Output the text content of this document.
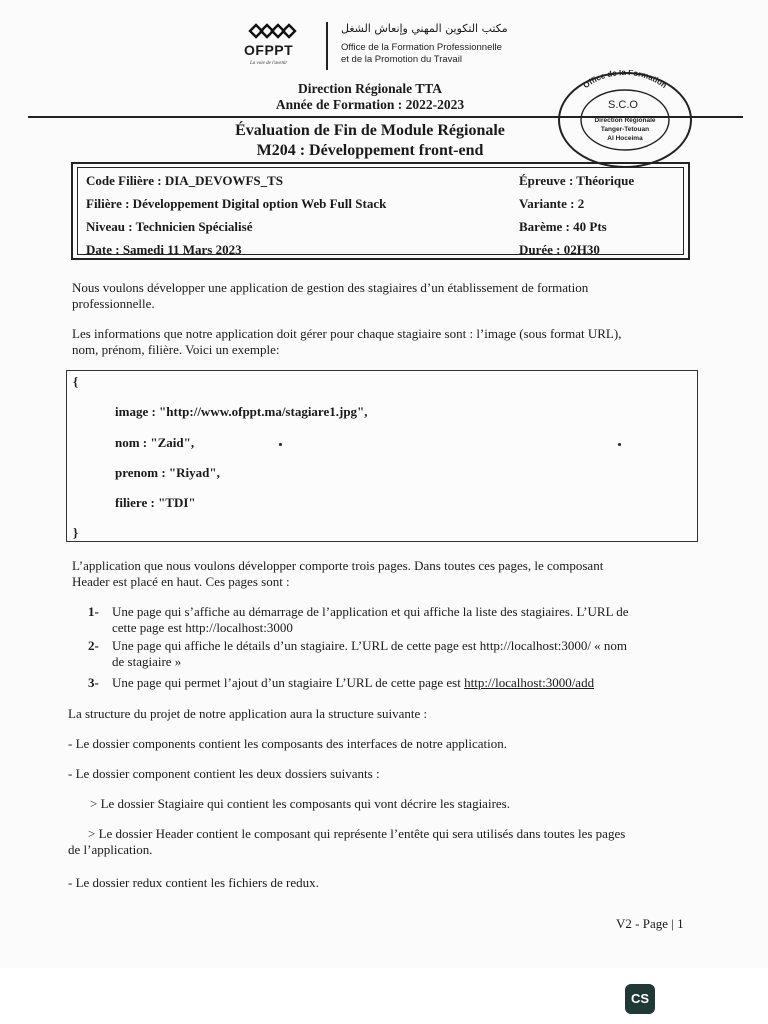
OFPPT
La voie de l'avenir
مكتب التكوين المهني وإنعاش الشغل
Office de la Formation Professionnelle
et de la Promotion du Travail
Direction Régionale TTA
Année de Formation : 2022-2023
Évaluation de Fin de Module Régionale
M204 : Développement front-end
Office de la Formation
S.C.O
Direction Régionale
Tanger-Tetouan
Al Hoceima
Code Filière : DIA_DEVOWFS_TS
Filière : Développement Digital option Web Full Stack
Niveau : Technicien Spécialisé
Date : Samedi 11 Mars 2023
Épreuve : Théorique
Variante : 2
Barème : 40 Pts
Durée : 02H30
Nous voulons développer une application de gestion des stagiaires d’un établissement de formation
professionnelle.
Les informations que notre application doit gérer pour chaque stagiaire sont : l’image (sous format URL),
nom, prénom, filière. Voici un exemple:
{
image : "http://www.ofppt.ma/stagiare1.jpg",
nom : "Zaid",
prenom : "Riyad",
filiere : "TDI"
}
L’application que nous voulons développer comporte trois pages. Dans toutes ces pages, le composant
Header est placé en haut. Ces pages sont :
1- Une page qui s’affiche au démarrage de l’application et qui affiche la liste des stagiaires. L’URL de
cette page est http://localhost:3000
2- Une page qui affiche le détails d’un stagiaire. L’URL de cette page est http://localhost:3000/ « nom
de stagiaire »
3- Une page qui permet l’ajout d’un stagiaire L’URL de cette page est http://localhost:3000/add
La structure du projet de notre application aura la structure suivante :
- Le dossier components contient les composants des interfaces de notre application.
- Le dossier component contient les deux dossiers suivants :
> Le dossier Stagiaire qui contient les composants qui vont décrire les stagiaires.
> Le dossier Header contient le composant qui représente l’entête qui sera utilisés dans toutes les pages
de l’application.
- Le dossier redux contient les fichiers de redux.
V2 - Page | 1
CS
